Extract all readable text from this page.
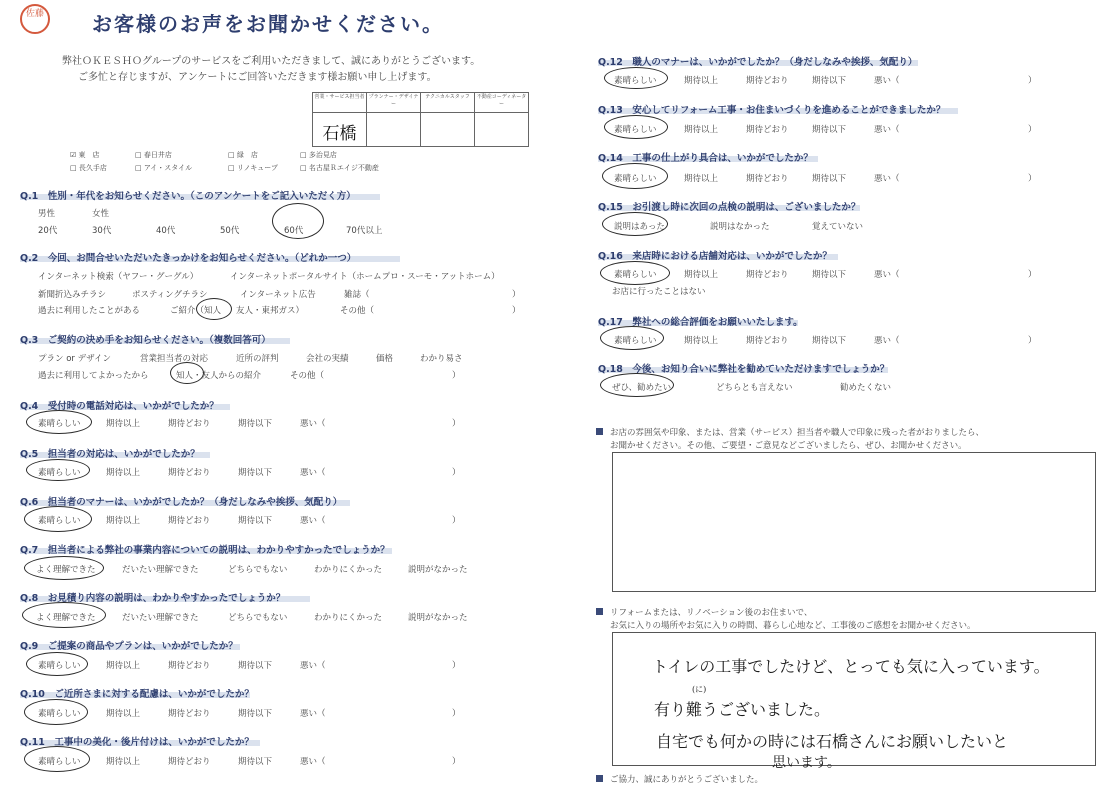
佐藤	お客様のお声をお聞かせください。
弊社ＯＫＥＳＨＯグループのサービスをご利用いただきまして、誠にありがとうございます。
ご多忙と存じますが、アンケートにご回答いただきます様お願い申し上げます。
営業・サービス担当者	プランナー・デザイナー	テクニカルスタッフ	不動産コーディネーター
石橋			
☑ 東　店	□ 春日井店	□ 緑　店	□ 多治見店
□ 長久手店	□ アイ・スタイル	□ リノキューブ	□ 名古屋Ｒエイジ不動産
Q.1　性別・年代をお知らせください。（このアンケートをご記入いただく方）
男性	女性
20代	30代	40代	50代	60代	70代以上
Q.2　今回、お問合せいただいたきっかけをお知らせください。（どれか一つ）
インターネット検索（ヤフー・グーグル）	インターネットポータルサイト（ホームプロ・スーモ・アットホーム）
新聞折込みチラシ	ポスティングチラシ	インターネット広告	雑誌（	）
過去に利用したことがある	ご紹介（ 知人 友人・東邦ガス）	その他（	）
Q.3　ご契約の決め手をお知らせください。（複数回答可）
プラン or デザイン	営業担当者の対応	近所の評判	会社の実績	価格	わかり易さ
過去に利用してよかったから	知人・友人からの紹介	その他（	）
Q.4　受付時の電話対応は、いかがでしたか？
素晴らしい	期待以上	期待どおり	期待以下	悪い（	）
Q.5　担当者の対応は、いかがでしたか？
素晴らしい	期待以上	期待どおり	期待以下	悪い（	）
Q.6　担当者のマナーは、いかがでしたか？（身だしなみや挨拶、気配り）
素晴らしい	期待以上	期待どおり	期待以下	悪い（	）
Q.7　担当者による弊社の事業内容についての説明は、わかりやすかったでしょうか？
よく理解できた	だいたい理解できた	どちらでもない	わかりにくかった	説明がなかった
Q.8　お見積り内容の説明は、わかりやすかったでしょうか？
よく理解できた	だいたい理解できた	どちらでもない	わかりにくかった	説明がなかった
Q.9　ご提案の商品やプランは、いかがでしたか？
素晴らしい	期待以上	期待どおり	期待以下	悪い（	）
Q.10　ご近所さまに対する配慮は、いかがでしたか？
素晴らしい	期待以上	期待どおり	期待以下	悪い（	）
Q.11　工事中の美化・後片付けは、いかがでしたか？
素晴らしい	期待以上	期待どおり	期待以下	悪い（	）
Q.12　職人のマナーは、いかがでしたか？（身だしなみや挨拶、気配り）
素晴らしい	期待以上	期待どおり	期待以下	悪い（	）
Q.13　安心してリフォーム工事・お住まいづくりを進めることができましたか？
素晴らしい	期待以上	期待どおり	期待以下	悪い（	）
Q.14　工事の仕上がり具合は、いかがでしたか？
素晴らしい	期待以上	期待どおり	期待以下	悪い（	）
Q.15　お引渡し時に次回の点検の説明は、ございましたか？
説明はあった	説明はなかった	覚えていない
Q.16　来店時における店舗対応は、いかがでしたか？
素晴らしい	期待以上	期待どおり	期待以下	悪い（	）
お店に行ったことはない
Q.17　弊社への総合評価をお願いいたします。
素晴らしい	期待以上	期待どおり	期待以下	悪い（	）
Q.18　今後、お知り合いに弊社を勧めていただけますでしょうか？
ぜひ、勧めたい	どちらとも言えない	勧めたくない
お店の雰囲気や印象、または、営業（サービス）担当者や職人で印象に残った者がおりましたら、
お聞かせください。その他、ご要望・ご意見などございましたら、ぜひ、お聞かせください。
リフォームまたは、リノベーション後のお住まいで、
お気に入りの場所やお気に入りの時間、暮らし心地など、工事後のご感想をお聞かせください。
トイレの工事でしたけど、とっても気に入っています。
(に)
有り難うございました。
自宅でも何かの時には石橋さんにお願いしたいと
思います。
ご協力、誠にありがとうございました。
